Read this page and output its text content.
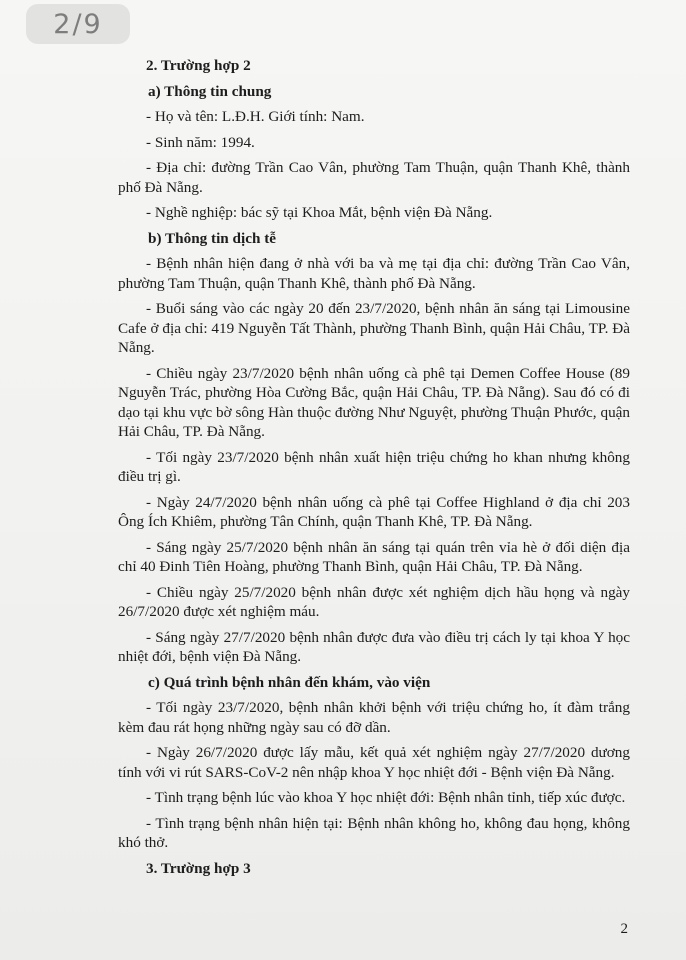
2/9
2. Trường hợp 2
a) Thông tin chung

- Họ và tên: L.Đ.H. Giới tính: Nam.

- Sinh năm: 1994.

- Địa chỉ: đường Trần Cao Vân, phường Tam Thuận, quận Thanh Khê, thành phố Đà Nẵng.

- Nghề nghiệp: bác sỹ tại Khoa Mắt, bệnh viện Đà Nẵng.

b) Thông tin dịch tễ

- Bệnh nhân hiện đang ở nhà với ba và mẹ tại địa chỉ: đường Trần Cao Vân, phường Tam Thuận, quận Thanh Khê, thành phố Đà Nẵng.

- Buổi sáng vào các ngày 20 đến 23/7/2020, bệnh nhân ăn sáng tại Limousine Cafe ở địa chỉ: 419 Nguyễn Tất Thành, phường Thanh Bình, quận Hải Châu, TP. Đà Nẵng.

- Chiều ngày 23/7/2020 bệnh nhân uống cà phê tại Demen Coffee House (89 Nguyễn Trác, phường Hòa Cường Bắc, quận Hải Châu, TP. Đà Nẵng). Sau đó có đi dạo tại khu vực bờ sông Hàn thuộc đường Như Nguyệt, phường Thuận Phước, quận Hải Châu, TP. Đà Nẵng.

- Tối ngày 23/7/2020 bệnh nhân xuất hiện triệu chứng ho khan nhưng không điều trị gì.

- Ngày 24/7/2020 bệnh nhân uống cà phê tại Coffee Highland ở địa chỉ 203 Ông Ích Khiêm, phường Tân Chính, quận Thanh Khê, TP. Đà Nẵng.

- Sáng ngày 25/7/2020 bệnh nhân ăn sáng tại quán trên vỉa hè ở đối diện địa chỉ 40 Đinh Tiên Hoàng, phường Thanh Bình, quận Hải Châu, TP. Đà Nẵng.

- Chiều ngày 25/7/2020 bệnh nhân được xét nghiệm dịch hầu họng và ngày 26/7/2020 được xét nghiệm máu.

- Sáng ngày 27/7/2020 bệnh nhân được đưa vào điều trị cách ly tại khoa Y học nhiệt đới, bệnh viện Đà Nẵng.

c) Quá trình bệnh nhân đến khám, vào viện

- Tối ngày 23/7/2020, bệnh nhân khởi bệnh với triệu chứng ho, ít đàm trắng kèm đau rát họng những ngày sau có đỡ dần.

- Ngày 26/7/2020 được lấy mẫu, kết quả xét nghiệm ngày 27/7/2020 dương tính với vi rút SARS-CoV-2 nên nhập khoa Y học nhiệt đới - Bệnh viện Đà Nẵng.

- Tình trạng bệnh lúc vào khoa Y học nhiệt đới: Bệnh nhân tỉnh, tiếp xúc được.

- Tình trạng bệnh nhân hiện tại: Bệnh nhân không ho, không đau họng, không khó thở.

3. Trường hợp 3
2
